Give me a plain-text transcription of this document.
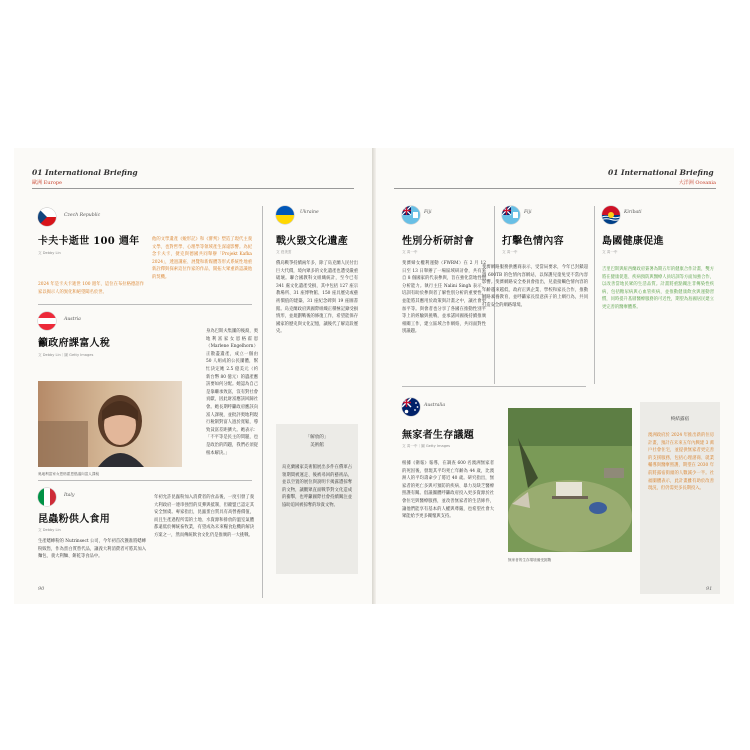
01 International Briefing
歐洲 Europe
Czech Republic
卡夫卡逝世 100 週年
文 Debby Lin
2024 年是卡夫卡逝世 100 週年，這位在布拉格德語作家以揭示人的異化和絕望聞名於世。
他的文學遺產《蛻形記》和《審判》塑造了現代主義文學，也對哲學、心理學等領域產生深遠影響。為紀念卡夫卡，捷克與德國共同舉辦「Projekt Kafka 2024」，透過講座、展覽和新媒體等形式系統性地重新詮釋與探索這位作家的作品，開拓大眾重新認識他的契機。
Austria
籲政府課富人稅
文 Debby Lin｜圖 Getty Images
身為巴斯夫集團的後裔，奧地利富家女恩格霍恩（Marlene Engelhorn）正散盡遺產，成立一個由 50 人組成的公民團體，幫忙決定她 2.5 億美元（約新台幣 80 億元）的遺產應該要如何分配。她認為自己是靠繼承致富，沒有對社會貢獻，因此財富應該回歸社會。她長期呼籲政府應該向富人課稅，並批評奧地利現行稅制對富人過於寬鬆，導致貧富差距擴大。她表示：「不平等是民主的問題，也是政治的問題，我們必須從根本解決。」
奧地利富家女恩格霍恩倡議向富人課稅
Italy
昆蟲粉供人食用
文 Debby Lin
生產蟋蟀粉的 Nutrinsect 公司，今年初首次獲准將蟋蟀粉販售，作為蛋白質替代品，讓義大利消費者可將其加入麵包、義大利麵、餅乾等食品中。
年初允許昆蟲粉加入消費者的食品後，一度引發了義大利政府一連串強烈的反彈與抵制，但歐盟已認定其安全無虞。專家指出，昆蟲蛋白質具有高營養價值，而且生產過程所需的土地、水資源和排放的溫室氣體都遠低於傳統畜牧業，有望成為未來糧食危機的解決方案之一，然而傳統飲食文化仍是推廣的一大挑戰。
Ukraine
戰火毀文化遺產
文 莊美雲
俄烏戰爭持續兩年多，除了烏克蘭人民付出巨大代價，境內眾多的文化遺產也遭受嚴重破壞。聯合國教科文組織統計，至今已有 341 處文化遺產受損，其中包括 127 座宗教場所、31 座博物館、150 座具歷史或藝術價值的建築、31 座紀念碑與 19 座圖書館。烏克蘭政府與國際組織正積極記錄受損情形，並規劃戰後的修復工作，希望能保存國家的歷史與文化記憶，讓後代了解這段歷史。
「解放的」
美術館
烏克蘭國家美術館展出多件在俄軍占領期間被運走、後被尋回的藝術品，並以空置的展位與說明卡揭露遭掠奪的文物，讓觀眾直面戰爭對文化造成的衝擊，也呼籲國際社會持續關注並協助追回被掠奪的珍貴文物。
90
01 International Briefing
大洋洲 Oceania
Fiji
性別分析研討會
文 黃一中
斐濟婦女權利運動（FWRM）在 2 月 12 日至 13 日舉辦了一場區域研討會，共有來自 8 個國家的代表參與，旨在強化當地性別分析能力。執行主任 Nalini Singh 表示，培訓有助於參與者了解性別分析的重要性，並能將其應用於政策與計畫之中，讓社會更加平等。與會者也分享了各國在推動性別平等上的經驗與挑戰，並承諾回國後持續推廣相關工作，建立區域合作網絡，共同面對性別議題。
Fiji
打擊色情內容
文 黃一中
斐濟網路服務供應商表示，受當局要求，今年已封鎖超過 600TB 的色情內容網站，以保護兒童免受不當內容影響。斐濟網路安全委員會指出，兒童接觸色情內容的年齡越來越低，政府正與企業、學校和家長合作，推動網路素養教育，並呼籲家長留意孩子的上網行為，共同打造安全的網路環境。
Kiribati
島國健康促進
文 黃一中
吉里巴斯與紐西蘭政府簽署為期五年的健康合作計畫，雙方將在健康促進、疾病預防與醫療人員培訓等方面加強合作，以改善當地民眾的生活品質。計畫將重點關注非傳染性疾病，包括糖尿病與心血管疾病，並推動健康飲食與運動習慣，同時提升基層醫療服務的可近性，期望為島國居民建立更完善的醫療體系。
Australia
無家者生存議題
文 黃一中｜圖 Getty Images
根據《衛報》報導，在調查 600 名澳洲無家者的死因後，發現其平均死亡年齡為 44 歲，比澳洲人的平均壽命少了將近 40 歲。研究指出，無家者的死亡多與可預防的疾病、暴力及缺乏醫療照護有關。倡議團體呼籲政府投入更多資源於社會住宅與醫療服務，並改善無家者的生活條件，讓他們能享有基本的人權與尊嚴，也希望社會大眾能給予更多關懷與支持。
無家者的生存環境備受挑戰
終結露宿
澳洲政府於 2024 年推出新的住房計畫，預計在未來五年內興建 3 萬戶社會住宅，並提供無家者更完善的支援服務，包括心理諮商、就業輔導與醫療照護，期望在 2030 年前將露宿街頭的人數減少一半。社福團體表示，此計畫雖有助於改善現況，但仍需更多長期投入。
91
